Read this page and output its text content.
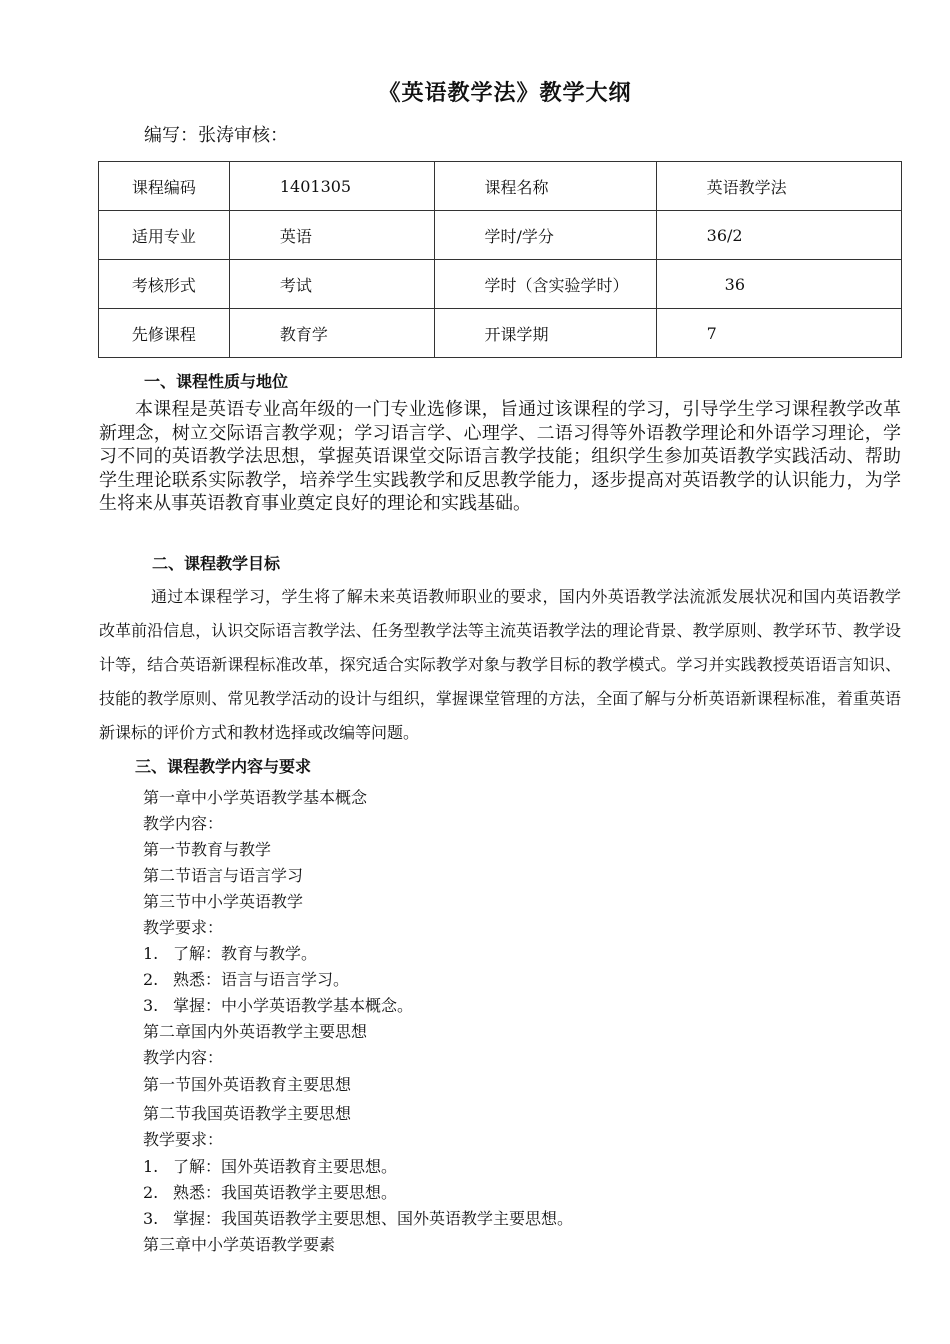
《英语教学法》教学大纲
编写：张涛审核：
课程编码	1401305	课程名称	英语教学法
适用专业	英语	学时/学分	36/2
考核形式	考试	学时（含实验学时）	36
先修课程	教育学	开课学期	7
一、课程性质与地位

本课程是英语专业高年级的一门专业选修课，旨通过该课程的学习，引导学生学习课程教学改革新理念，树立交际语言教学观；学习语言学、心理学、二语习得等外语教学理论和外语学习理论，学习不同的英语教学法思想，掌握英语课堂交际语言教学技能；组织学生参加英语教学实践活动、帮助学生理论联系实际教学，培养学生实践教学和反思教学能力，逐步提高对英语教学的认识能力，为学生将来从事英语教育事业奠定良好的理论和实践基础。

二、课程教学目标

通过本课程学习，学生将了解未来英语教师职业的要求，国内外英语教学法流派发展状况和国内英语教学改革前沿信息，认识交际语言教学法、任务型教学法等主流英语教学法的理论背景、教学原则、教学环节、教学设计等，结合英语新课程标准改革，探究适合实际教学对象与教学目标的教学模式。学习并实践教授英语语言知识、技能的教学原则、常见教学活动的设计与组织，掌握课堂管理的方法，全面了解与分析英语新课程标准，着重英语新课标的评价方式和教材选择或改编等问题。

三、课程教学内容与要求
第一章中小学英语教学基本概念
教学内容：
第一节教育与教学
第二节语言与语言学习
第三节中小学英语教学
教学要求：
1. 了解：教育与教学。
2. 熟悉：语言与语言学习。
3. 掌握：中小学英语教学基本概念。
第二章国内外英语教学主要思想
教学内容：
第一节国外英语教育主要思想
第二节我国英语教学主要思想
教学要求：
1. 了解：国外英语教育主要思想。
2. 熟悉：我国英语教学主要思想。
3. 掌握：我国英语教学主要思想、国外英语教学主要思想。
第三章中小学英语教学要素
